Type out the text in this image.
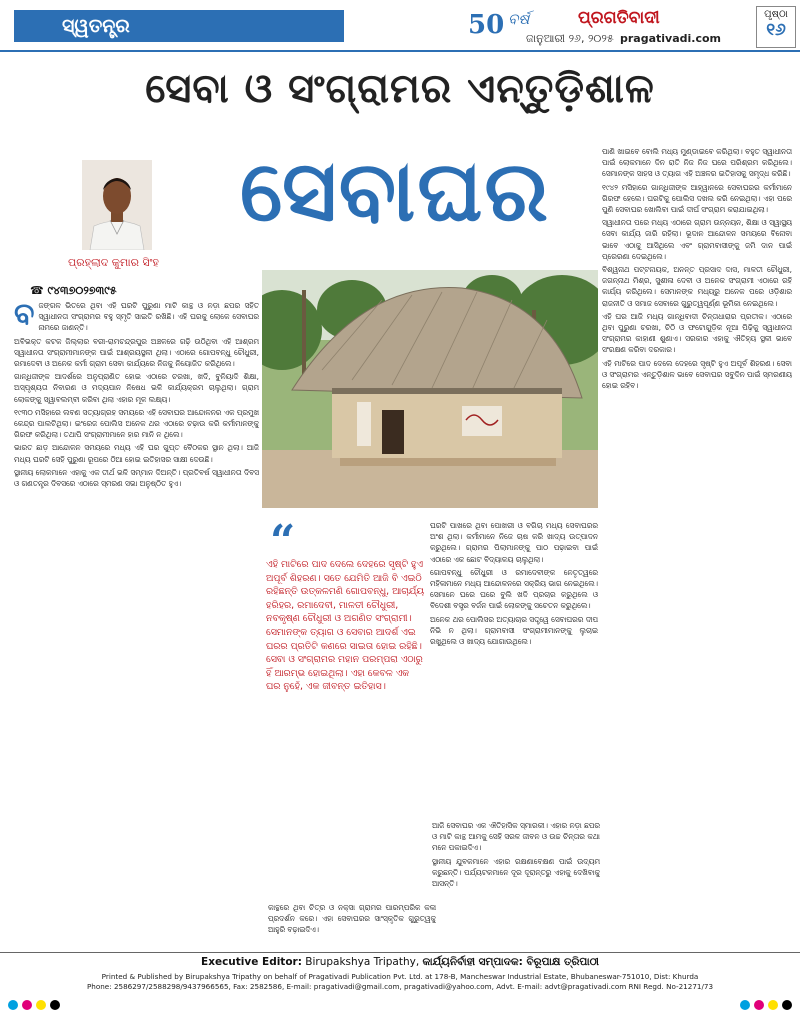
ସ୍ୱତନ୍ତ୍ର	50 ବର୍ଷ	ପ୍ରଗତିବାଦୀ
ଜାନୁଆରୀ ୨୬, ୨୦୨୫ pragativadi.com
ପୃଷ୍ଠା
୧୬
ସେବା ଓ ସଂଗ୍ରାମର ଏନ୍ତୁଡ଼ିଶାଳ
ସେବାଘର
ପ୍ରହ୍ଲାଦ କୁମାର ସିଂହ
☎ ୯୪୩୭୦୨୭୩୯୫
ବ ଜଙ୍ଗଳ ଭିତରେ ଥିବା ଏହି ଘରଟି ପୁରୁଣା ମାଟି କାନ୍ଥ ଓ ନଡ଼ା ଛପର ସହିତ ସ୍ୱାଧୀନତା ସଂଗ୍ରାମର ବହୁ ସ୍ମୃତି ସାଇତି ରଖିଛି। ଏହି ଘରକୁ ଲୋକେ ସେବାଘର ନାମରେ ଜାଣନ୍ତି।

ଅବିଭକ୍ତ କଟକ ଜିଲ୍ଲାର ବରୀ-ରାମଚନ୍ଦ୍ରପୁର ଅଞ୍ଚଳରେ ଗଢ଼ି ଉଠିଥିବା ଏହି ଆଶ୍ରମ ସ୍ୱାଧୀନତା ସଂଗ୍ରାମୀମାନଙ୍କ ପାଇଁ ଆଶ୍ରୟସ୍ଥଳୀ ଥିଲା। ଏଠାରେ ଗୋପବନ୍ଧୁ ଚୌଧୁରୀ, ରମାଦେବୀ ଓ ଅନେକ କର୍ମୀ ଗ୍ରାମ ସେବା କାର୍ଯ୍ୟରେ ନିଜକୁ ନିୟୋଜିତ କରିଥିଲେ।

ଗାନ୍ଧିଜୀଙ୍କ ଆଦର୍ଶରେ ଅନୁପ୍ରାଣିତ ହୋଇ ଏଠାରେ ଚରଖା, ଖଦି, ବୁନିୟାଦି ଶିକ୍ଷା, ଅସ୍ପୃଶ୍ୟତା ନିବାରଣ ଓ ମଦ୍ୟପାନ ନିଷେଧ ଭଳି କାର୍ଯ୍ୟକ୍ରମ ଚାଲୁଥିଲା। ଗ୍ରାମ ଲୋକଙ୍କୁ ସ୍ୱାବଲମ୍ବୀ କରିବା ଥିଲା ଏହାର ମୂଳ ଲକ୍ଷ୍ୟ।

୧୯୩୦ ମସିହାରେ ଲବଣ ସତ୍ୟାଗ୍ରହ ସମୟରେ ଏହି ସେବାଘର ଆନ୍ଦୋଳନର ଏକ ପ୍ରମୁଖ କେନ୍ଦ୍ର ପାଲଟିଥିଲା। ଇଂରେଜ ପୋଲିସ ଅନେକ ଥର ଏଠାରେ ଚଢ଼ାଉ କରି କର୍ମୀମାନଙ୍କୁ ଗିରଫ କରିଥିଲା। ତଥାପି ସଂଗ୍ରାମୀମାନେ ହାର ମାନି ନ ଥିଲେ।

ଭାରତ ଛାଡ଼ ଆନ୍ଦୋଳନ ସମୟରେ ମଧ୍ୟ ଏହି ଘର ଗୁପ୍ତ ବୈଠକର ସ୍ଥାନ ଥିଲା। ଆଜି ମଧ୍ୟ ଘରଟି ସେହି ପୁରୁଣା ରୂପରେ ଠିଆ ହୋଇ ଇତିହାସର ସାକ୍ଷୀ ଦେଉଛି।

ସ୍ଥାନୀୟ ଲୋକମାନେ ଏହାକୁ ଏକ ତୀର୍ଥ ଭଳି ସମ୍ମାନ ଦିଅନ୍ତି। ପ୍ରତିବର୍ଷ ସ୍ୱାଧୀନତା ଦିବସ ଓ ଗଣତନ୍ତ୍ର ଦିବସରେ ଏଠାରେ ସ୍ମରଣ ସଭା ଅନୁଷ୍ଠିତ ହୁଏ।

“
ଏହି ମାଟିରେ ପାଦ ଦେଲେ ଦେହରେ ସୃଷ୍ଟି ହୁଏ ଅପୂର୍ବ ଶିହରଣ। ସତେ ଯେମିତି ଆଜି ବି ଏଇଠି ରହିଛନ୍ତି ଉତ୍କଳମଣି ଗୋପବନ୍ଧୁ, ଆଚାର୍ଯ୍ୟ ହରିହର, ରମାଦେବୀ, ମାଳତୀ ଚୌଧୁରୀ, ନବକୃଷ୍ଣ ଚୌଧୁରୀ ଓ ଅଗଣିତ ସଂଗ୍ରାମୀ। ସେମାନଙ୍କ ତ୍ୟାଗ ଓ ସେବାର ଆଦର୍ଶ ଏଇ ଘରର ପ୍ରତିଟି କଣରେ ସାଇତା ହୋଇ ରହିଛି। ସେବା ଓ ସଂଗ୍ରାମର ମହାନ ପରମ୍ପରା ଏଠାରୁ ହିଁ ଆରମ୍ଭ ହୋଇଥିଲା। ଏହା କେବଳ ଏକ ଘର ନୁହେଁ, ଏକ ଜୀବନ୍ତ ଇତିହାସ।

ଘରଟି ପାଖରେ ଥିବା ପୋଖରୀ ଓ ବଗିଚା ମଧ୍ୟ ସେବାଘରର ଅଂଶ ଥିଲା। କର୍ମୀମାନେ ନିଜେ ଚାଷ କରି ଖାଦ୍ୟ ଉତ୍ପାଦନ କରୁଥିଲେ। ଗ୍ରାମର ପିଲାମାନଙ୍କୁ ପାଠ ପଢ଼ାଇବା ପାଇଁ ଏଠାରେ ଏକ ଛୋଟ ବିଦ୍ୟାଳୟ ଚାଲୁଥିଲା।

ଗୋପବନ୍ଧୁ ଚୌଧୁରୀ ଓ ରମାଦେବୀଙ୍କ ନେତୃତ୍ୱରେ ମହିଳାମାନେ ମଧ୍ୟ ଆନ୍ଦୋଳନରେ ସକ୍ରିୟ ଭାଗ ନେଇଥିଲେ। ସେମାନେ ଘରେ ଘରେ ବୁଲି ଖଦି ପ୍ରଚାର କରୁଥିଲେ ଓ ବିଦେଶୀ ବସ୍ତ୍ର ବର୍ଜନ ପାଇଁ ଲୋକଙ୍କୁ ସଚେତନ କରୁଥିଲେ।

ଅନେକ ଥର ପୋଲିସର ଅତ୍ୟାଚାର ସତ୍ତ୍ୱେ ସେବାଘରର ଦୀପ ନିଭି ନ ଥିଲା। ଗ୍ରାମବାସୀ ସଂଗ୍ରାମୀମାନଙ୍କୁ ଲୁଚାଇ ରଖୁଥିଲେ ଓ ଖାଦ୍ୟ ଯୋଗାଉଥିଲେ।

ଆଜି ସେବାଘର ଏକ ଐତିହାସିକ ସ୍ମାରକୀ। ଏହାର ନଡ଼ା ଛପର ଓ ମାଟି କାନ୍ଥ ଆମକୁ ସେହି ସରଳ ଜୀବନ ଓ ଉଚ୍ଚ ଚିନ୍ତାର କଥା ମନେ ପକାଇଦିଏ।

ସ୍ଥାନୀୟ ଯୁବକମାନେ ଏହାର ରକ୍ଷଣାବେକ୍ଷଣ ପାଇଁ ଉଦ୍ୟମ କରୁଛନ୍ତି। ପର୍ଯ୍ୟଟକମାନେ ଦୂର ଦୂରାନ୍ତରୁ ଏହାକୁ ଦେଖିବାକୁ ଆସନ୍ତି।

କାନ୍ଥରେ ଥିବା ଚିତ୍ର ଓ ନକ୍ସା ଗ୍ରାମର ପାରମ୍ପରିକ କଳା ପ୍ରଦର୍ଶନ କରେ। ଏହା ସେବାଘରର ସାଂସ୍କୃତିକ ଗୁରୁତ୍ୱକୁ ଆହୁରି ବଢ଼ାଇଦିଏ।

ପାଣି ଖାଇବେ ବୋଲି ମଧ୍ୟ ମୁଣ୍ଡାଇବେ କରିଥିଲା। ବହୁତ ସ୍ୱାଧୀନତା ପାଇଁ ଲୋକମାନେ ଦିନ ରାତି ନିଜ ନିଜ ଘରେ ପରିଶ୍ରମ କରିଥିଲେ। ସେମାନଙ୍କ ସାହସ ଓ ତ୍ୟାଗ ଏହି ଅଞ୍ଚଳର ଇତିହାସକୁ ସମୃଦ୍ଧ କରିଛି।

୧୯୪୨ ମସିହାରେ ଗାନ୍ଧିଜୀଙ୍କ ଆହ୍ୱାନରେ ସେବାଘରର କର୍ମୀମାନେ ଗିରଫ ହେଲେ। ଘରଟିକୁ ପୋଲିସ ଦଖଲ କରି ନେଇଥିଲା। ଏହା ପରେ ପୁଣି ସେବାଘର ଖୋଲିବା ପାଇଁ ଦୀର୍ଘ ସଂଗ୍ରାମ କରାଯାଇଥିଲା।

ସ୍ୱାଧୀନତା ପରେ ମଧ୍ୟ ଏଠାରେ ଗ୍ରାମ ଉନ୍ନୟନ, ଶିକ୍ଷା ଓ ସ୍ୱାସ୍ଥ୍ୟ ସେବା କାର୍ଯ୍ୟ ଜାରି ରହିଲା। ଭୂଦାନ ଆନ୍ଦୋଳନ ସମୟରେ ବିନୋବା ଭାବେ ଏଠାକୁ ଆସିଥିଲେ ଏବଂ ଗ୍ରାମବାସୀଙ୍କୁ ଜମି ଦାନ ପାଇଁ ପ୍ରେରଣା ଦେଇଥିଲେ।

ବିଶ୍ୱନାଥ ପଟ୍ଟନାୟକ, ଅନନ୍ତ ପ୍ରସାଦ ଦାସ, ମାଳତୀ ଚୌଧୁରୀ, ଜଗନ୍ନାଥ ମିଶ୍ର, ସୁଶୀଳା ଦେବୀ ଓ ଅନେକ ସଂଗ୍ରାମୀ ଏଠାରେ ରହି କାର୍ଯ୍ୟ କରିଥିଲେ। ସେମାନଙ୍କ ମଧ୍ୟରୁ ଅନେକ ପରେ ଓଡ଼ିଶାର ରାଜନୀତି ଓ ସମାଜ ସେବାରେ ଗୁରୁତ୍ୱପୂର୍ଣ୍ଣ ଭୂମିକା ନେଇଥିଲେ।

ଏହି ଘର ଆଜି ମଧ୍ୟ ଗାନ୍ଧିବାଦୀ ଚିନ୍ତାଧାରାର ପ୍ରତୀକ। ଏଠାରେ ଥିବା ପୁରୁଣା ଚରଖା, ଚିଠି ଓ ଫଟୋଗୁଡ଼ିକ ନୂଆ ପିଢ଼ିକୁ ସ୍ୱାଧୀନତା ସଂଗ୍ରାମର କାହାଣୀ ଶୁଣାଏ। ସରକାର ଏହାକୁ ଐତିହ୍ୟ ସ୍ଥଳୀ ଭାବେ ସଂରକ୍ଷଣ କରିବା ଦରକାର।

ଏହି ମାଟିରେ ପାଦ ଦେଲେ ଦେହରେ ସୃଷ୍ଟି ହୁଏ ଅପୂର୍ବ ଶିହରଣ। ସେବା ଓ ସଂଗ୍ରାମର ଏନ୍ତୁଡ଼ିଶାଳ ଭାବେ ସେବାଘର ସବୁଦିନ ପାଇଁ ସ୍ମରଣୀୟ ହୋଇ ରହିବ।

Executive Editor: Birupakshya Tripathy, କାର୍ଯ୍ୟନିର୍ବାହୀ ସମ୍ପାଦକ: ବିରୂପାକ୍ଷ ତ୍ରିପାଠୀ
Printed & Published by Birupakshya Tripathy on behalf of Pragativadi Publication Pvt. Ltd. at 178-B, Mancheswar Industrial Estate, Bhubaneswar-751010, Dist: Khurda
Phone: 2586297/2588298/9437966565, Fax: 2582586, E-mail: pragativadi@gmail.com, pragativadi@yahoo.com, Advt. E-mail: advt@pragativadi.com RNI Regd. No-21271/73
